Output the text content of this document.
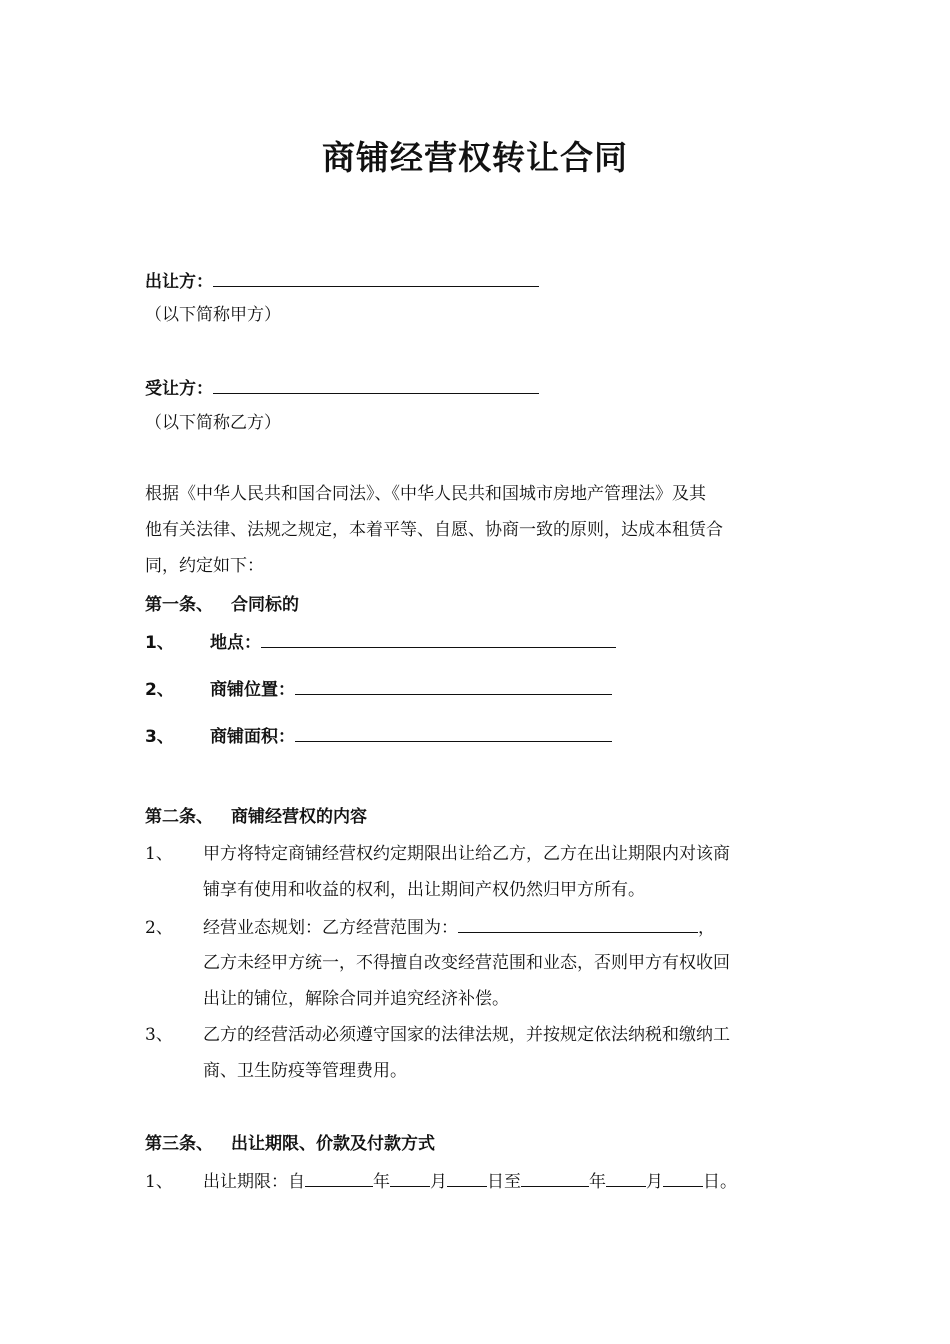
商铺经营权转让合同
出让方：
（以下简称甲方）
受让方：
（以下简称乙方）
根据《中华人民共和国合同法》、《中华人民共和国城市房地产管理法》及其
他有关法律、法规之规定，本着平等、自愿、协商一致的原则，达成本租赁合
同，约定如下：
第一条、 合同标的
1、 地点：
2、 商铺位置：
3、 商铺面积：
第二条、 商铺经营权的内容
1、 甲方将特定商铺经营权约定期限出让给乙方，乙方在出让期限内对该商
铺享有使用和收益的权利，出让期间产权仍然归甲方所有。
2、 经营业态规划：乙方经营范围为：	，
乙方未经甲方统一，不得擅自改变经营范围和业态，否则甲方有权收回
出让的铺位，解除合同并追究经济补偿。
3、 乙方的经营活动必须遵守国家的法律法规，并按规定依法纳税和缴纳工
商、卫生防疫等管理费用。
第三条、 出让期限、价款及付款方式
1、 出让期限：自	年 月 日至	年 月 日。
